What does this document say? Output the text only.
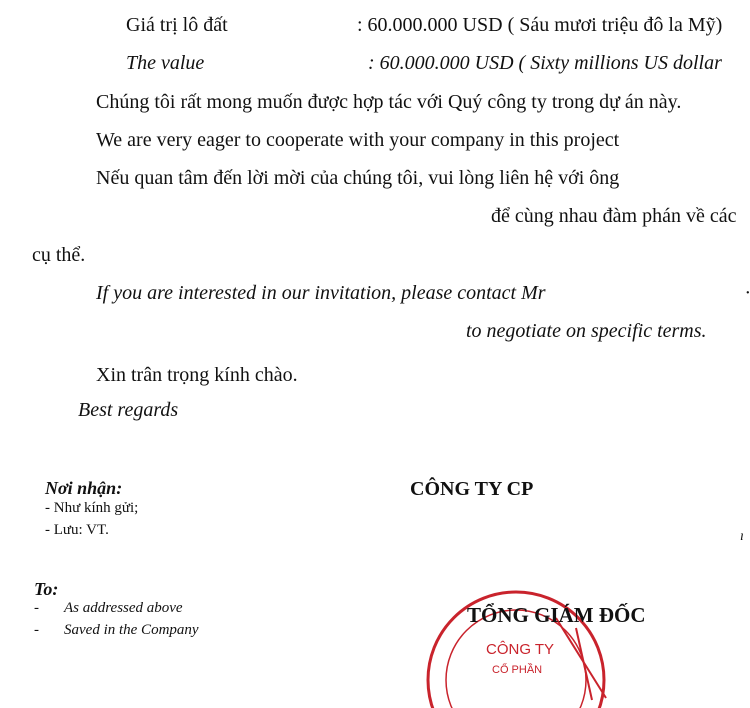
Giá trị lô đất	: 60.000.000 USD ( Sáu mươi triệu đô la Mỹ)
The value	: 60.000.000 USD ( Sixty millions US dollar
Chúng tôi rất mong muốn được hợp tác với Quý công ty trong dự án này.
We are very eager to cooperate with your company in this project
Nếu quan tâm đến lời mời của chúng tôi, vui lòng liên hệ với ông
để cùng nhau đàm phán về các
cụ thể.
If you are interested in our invitation, please contact Mr	·
to negotiate on specific terms.
Xin trân trọng kính chào.
Best regards
Nơi nhận:
- Như kính gửi;
- Lưu: VT.
CÔNG TY CP
ı
To:
- As addressed above
- Saved in the Company
CÔNG TY
CỔ PHẦN
TỔNG GIÁM ĐỐC
